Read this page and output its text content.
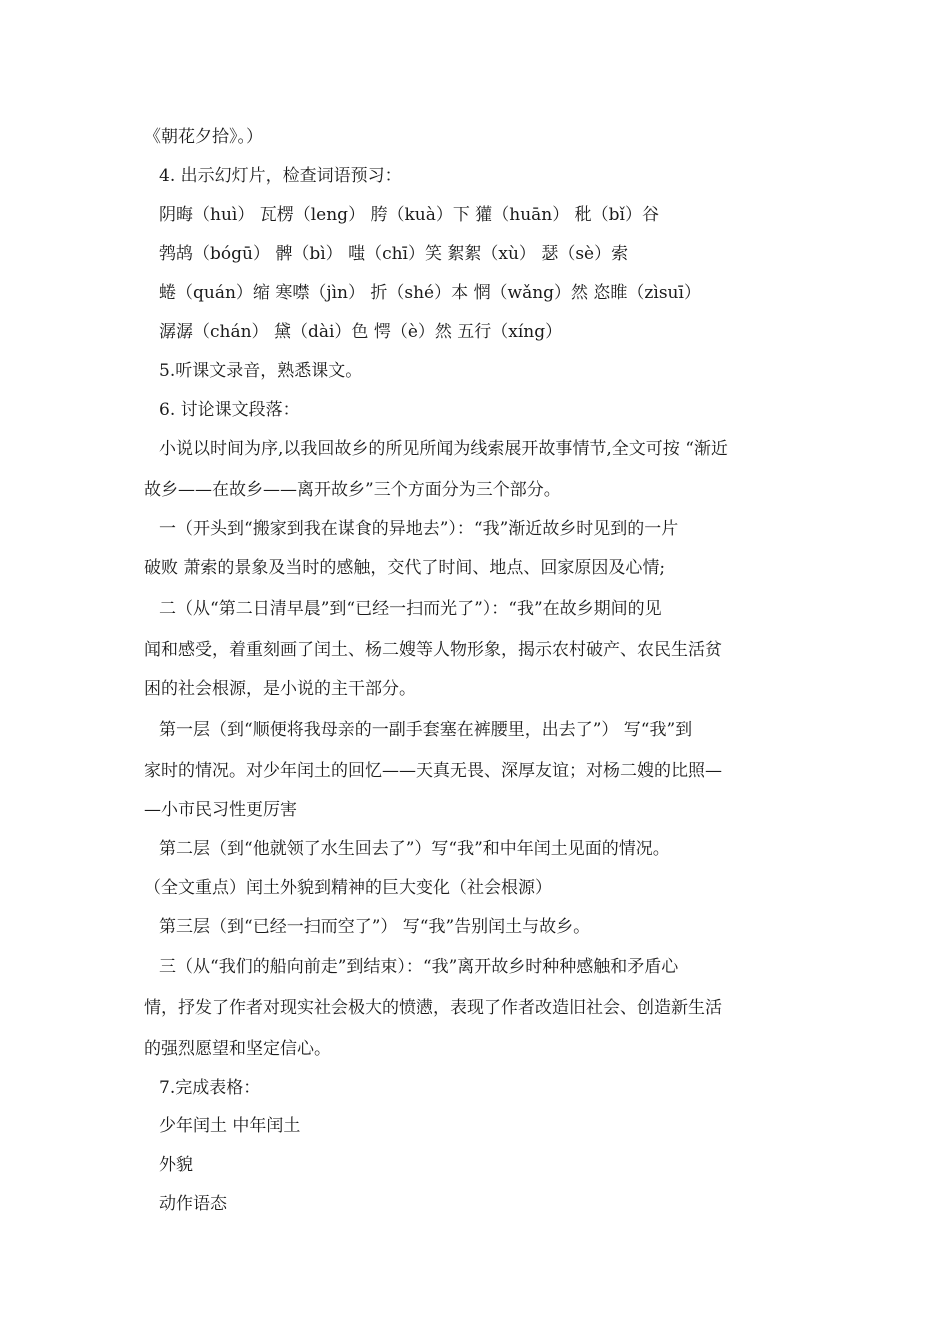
《朝花夕拾》。）
4. 出示幻灯片，检查词语预习：
阴晦（huì） 瓦楞（leng） 胯（kuà）下 獾（huān） 秕（bǐ）谷
鹁鸪（bógū） 髀（bì） 嗤（chī）笑 絮絮（xù） 瑟（sè）索
蜷（quán）缩 寒噤（jìn） 折（shé）本 惘（wǎng）然 恣睢（zìsuī）
潺潺（chán） 黛（dài）色 愕（è）然 五行（xíng）
5.听课文录音，熟悉课文。
6. 讨论课文段落：
小说以时间为序,以我回故乡的所见所闻为线索展开故事情节,全文可按 “渐近
故乡——在故乡——离开故乡”三个方面分为三个部分。
一（开头到“搬家到我在谋食的异地去”）：“我”渐近故乡时见到的一片
破败 萧索的景象及当时的感触，交代了时间、地点、回家原因及心情;
二（从“第二日清早晨”到“已经一扫而光了”）：“我”在故乡期间的见
闻和感受，着重刻画了闰土、杨二嫂等人物形象，揭示农村破产、农民生活贫
困的社会根源，是小说的主干部分。
第一层（到“顺便将我母亲的一副手套塞在裤腰里，出去了”） 写“我”到
家时的情况。对少年闰土的回忆——天真无畏、深厚友谊；对杨二嫂的比照—
—小市民习性更厉害
第二层（到“他就领了水生回去了”）写“我”和中年闰土见面的情况。
（全文重点）闰土外貌到精神的巨大变化（社会根源）
第三层（到“已经一扫而空了”） 写“我”告别闰土与故乡。
三（从“我们的船向前走”到结束）：“我”离开故乡时种种感触和矛盾心
情，抒发了作者对现实社会极大的愤懑，表现了作者改造旧社会、创造新生活
的强烈愿望和坚定信心。
7.完成表格：
少年闰土 中年闰土
外貌
动作语态
